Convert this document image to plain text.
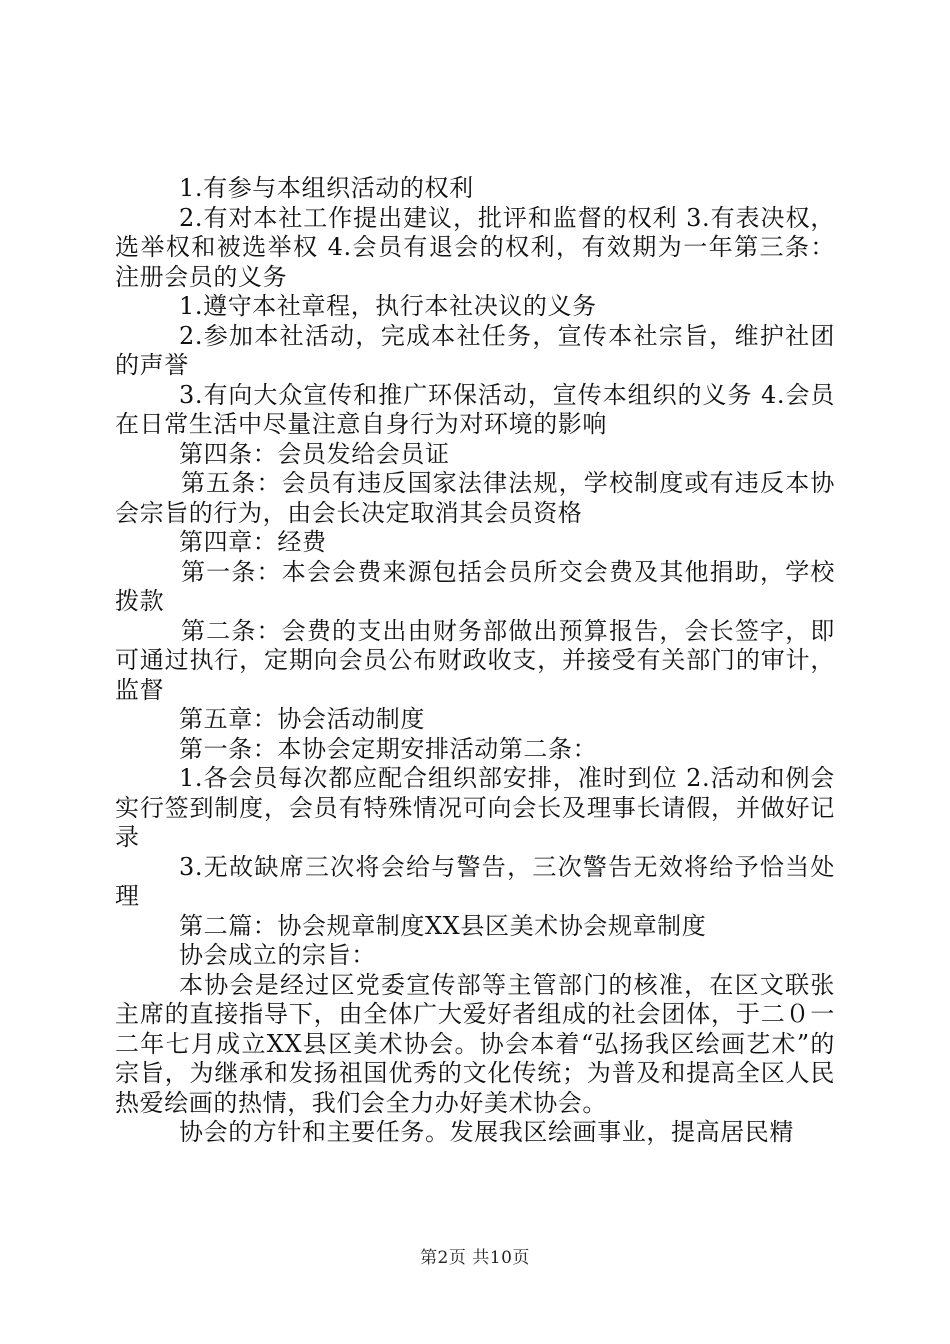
1.有参与本组织活动的权利

2.有对本社工作提出建议，批评和监督的权利 3.有表决权，选举权和被选举权 4.会员有退会的权利，有效期为一年第三条：注册会员的义务

1.遵守本社章程，执行本社决议的义务

2.参加本社活动，完成本社任务，宣传本社宗旨，维护社团的声誉

3.有向大众宣传和推广环保活动，宣传本组织的义务 4.会员在日常生活中尽量注意自身行为对环境的影响

第四条：会员发给会员证

第五条：会员有违反国家法律法规，学校制度或有违反本协会宗旨的行为，由会长决定取消其会员资格

第四章：经费

第一条：本会会费来源包括会员所交会费及其他捐助，学校拨款

第二条：会费的支出由财务部做出预算报告，会长签字，即可通过执行，定期向会员公布财政收支，并接受有关部门的审计，监督

第五章：协会活动制度

第一条：本协会定期安排活动第二条：

1.各会员每次都应配合组织部安排，准时到位 2.活动和例会实行签到制度，会员有特殊情况可向会长及理事长请假，并做好记录

3.无故缺席三次将会给与警告，三次警告无效将给予恰当处理

第二篇：协会规章制度XX县区美术协会规章制度

协会成立的宗旨：

本协会是经过区党委宣传部等主管部门的核准，在区文联张主席的直接指导下，由全体广大爱好者组成的社会团体，于二０一二年七月成立XX县区美术协会。协会本着“弘扬我区绘画艺术”的宗旨，为继承和发扬祖国优秀的文化传统；为普及和提高全区人民热爱绘画的热情，我们会全力办好美术协会。

协会的方针和主要任务。发展我区绘画事业，提高居民精

第2页 共10页
